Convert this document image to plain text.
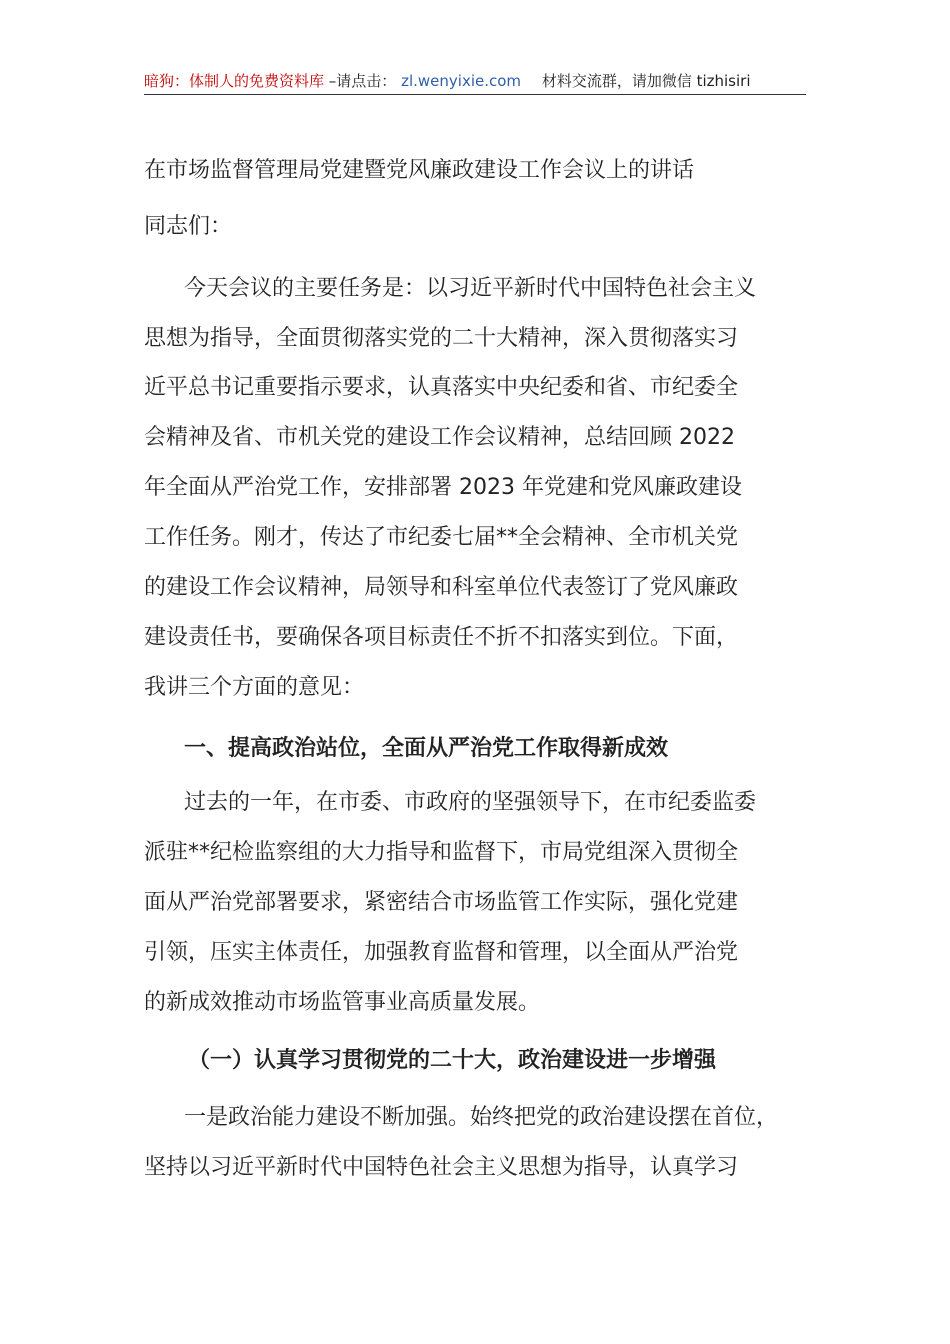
暗狗：体制人的免费资料库 –请点击： zl.wenyixie.com 材料交流群，请加微信 tizhisiri
在市场监督管理局党建暨党风廉政建设工作会议上的讲话
同志们：
今天会议的主要任务是：以习近平新时代中国特色社会主义
思想为指导，全面贯彻落实党的二十大精神，深入贯彻落实习
近平总书记重要指示要求，认真落实中央纪委和省、市纪委全
会精神及省、市机关党的建设工作会议精神，总结回顾 2022
年全面从严治党工作，安排部署 2023 年党建和党风廉政建设
工作任务。刚才，传达了市纪委七届**全会精神、全市机关党
的建设工作会议精神，局领导和科室单位代表签订了党风廉政
建设责任书，要确保各项目标责任不折不扣落实到位。下面，
我讲三个方面的意见：
一、提高政治站位，全面从严治党工作取得新成效
过去的一年，在市委、市政府的坚强领导下，在市纪委监委
派驻**纪检监察组的大力指导和监督下，市局党组深入贯彻全
面从严治党部署要求，紧密结合市场监管工作实际，强化党建
引领，压实主体责任，加强教育监督和管理，以全面从严治党
的新成效推动市场监管事业高质量发展。
（一）认真学习贯彻党的二十大，政治建设进一步增强
一是政治能力建设不断加强。始终把党的政治建设摆在首位，
坚持以习近平新时代中国特色社会主义思想为指导，认真学习
